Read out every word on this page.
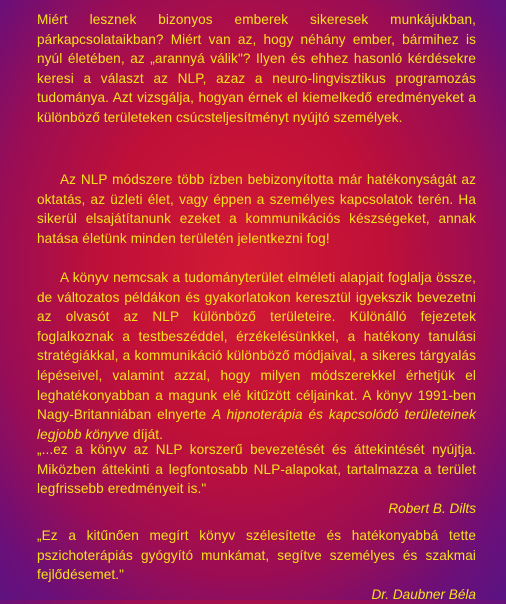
Miért lesznek bizonyos emberek sikeresek munkájukban, párkapcsolataikban? Miért van az, hogy néhány ember, bármihez is nyúl életében, az „arannyá válik"? Ilyen és ehhez hasonló kérdésekre keresi a választ az NLP, azaz a neuro-lingvisztikus programozás tudománya. Azt vizsgálja, hogyan érnek el kiemelkedő eredményeket a különböző területeken csúcsteljesítményt nyújtó személyek.

Az NLP módszere több ízben bebizonyította már hatékonyságát az oktatás, az üzleti élet, vagy éppen a személyes kapcsolatok terén. Ha sikerül elsajátítanunk ezeket a kommunikációs készségeket, annak hatása életünk minden területén jelentkezni fog!

A könyv nemcsak a tudományterület elméleti alapjait foglalja össze, de változatos példákon és gyakorlatokon keresztül igyekszik bevezetni az olvasót az NLP különböző területeire. Különálló fejezetek foglalkoznak a testbeszéddel, érzékelésünkkel, a hatékony tanulási stratégiákkal, a kommunikáció különböző módjaival, a sikeres tárgyalás lépéseivel, valamint azzal, hogy milyen módszerekkel érhetjük el leghatékonyabban a magunk elé kitűzött céljainkat. A könyv 1991-ben Nagy-Britanniában elnyerte A hipnoterápia és kapcsolódó területeinek legjobb könyve díját.

„...ez a könyv az NLP korszerű bevezetését és áttekintését nyújtja. Miközben áttekinti a legfontosabb NLP-alapokat, tartalmazza a terület legfrissebb eredményeit is."

Robert B. Dilts

„Ez a kitűnően megírt könyv szélesítette és hatékonyabbá tette pszichoterápiás gyógyító munkámat, segítve személyes és szakmai fejlődésemet."

Dr. Daubner Béla
